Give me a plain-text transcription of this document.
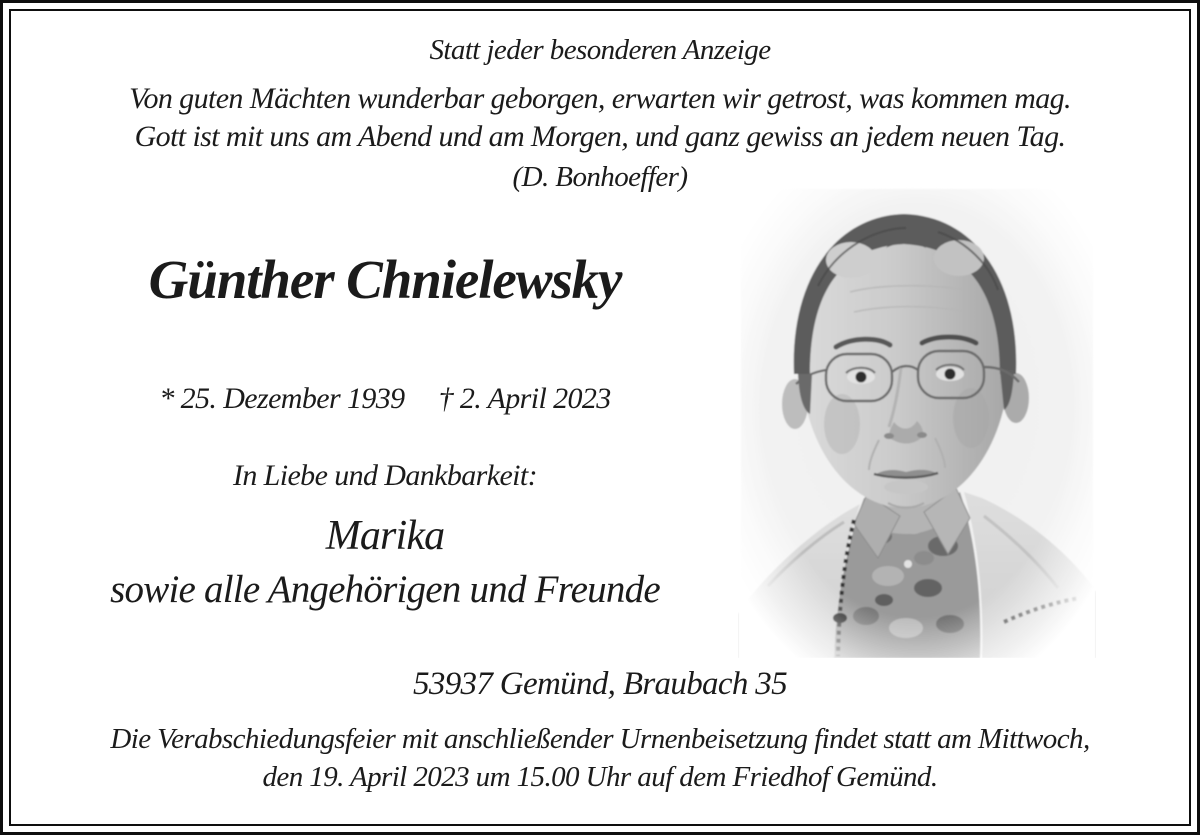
Statt jeder besonderen Anzeige
Von guten Mächten wunderbar geborgen, erwarten wir getrost, was kommen mag.
Gott ist mit uns am Abend und am Morgen, und ganz gewiss an jedem neuen Tag.
(D. Bonhoeffer)
Günther Chnielewsky
* 25. Dezember 1939 † 2. April 2023
In Liebe und Dankbarkeit:
Marika
sowie alle Angehörigen und Freunde
53937 Gemünd, Braubach 35
Die Verabschiedungsfeier mit anschließender Urnenbeisetzung findet statt am Mittwoch,
den 19. April 2023 um 15.00 Uhr auf dem Friedhof Gemünd.
